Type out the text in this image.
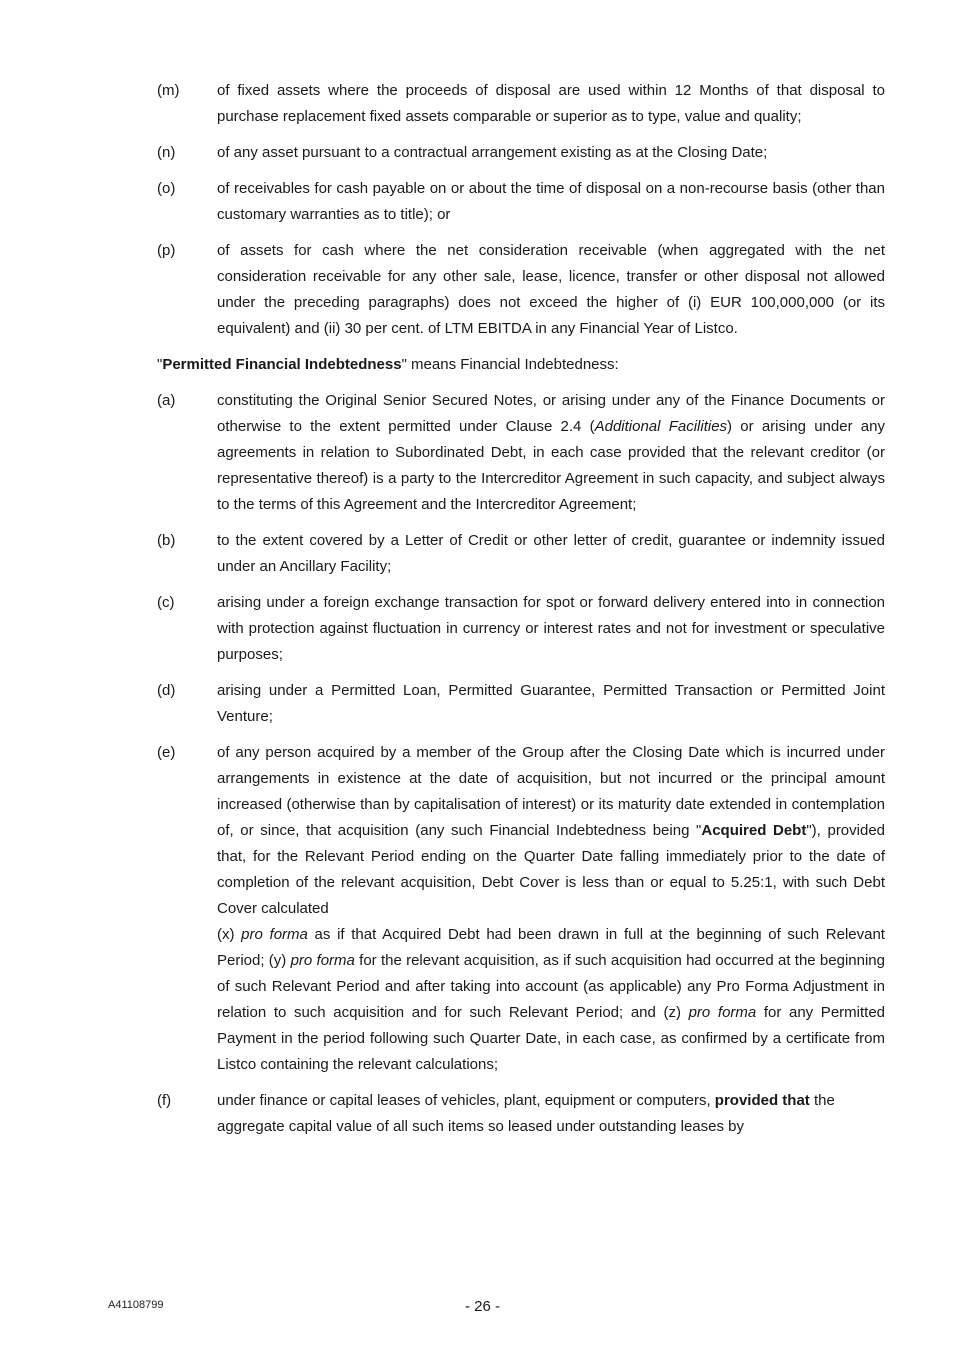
(m)	of fixed assets where the proceeds of disposal are used within 12 Months of that disposal to purchase replacement fixed assets comparable or superior as to type, value and quality;
(n)	of any asset pursuant to a contractual arrangement existing as at the Closing Date;
(o)	of receivables for cash payable on or about the time of disposal on a non-recourse basis (other than customary warranties as to title); or
(p)	of assets for cash where the net consideration receivable (when aggregated with the net consideration receivable for any other sale, lease, licence, transfer or other disposal not allowed under the preceding paragraphs) does not exceed the higher of (i) EUR 100,000,000 (or its equivalent) and (ii) 30 per cent. of LTM EBITDA in any Financial Year of Listco.
"Permitted Financial Indebtedness" means Financial Indebtedness:
(a)	constituting the Original Senior Secured Notes, or arising under any of the Finance Documents or otherwise to the extent permitted under Clause 2.4 (Additional Facilities) or arising under any agreements in relation to Subordinated Debt, in each case provided that the relevant creditor (or representative thereof) is a party to the Intercreditor Agreement in such capacity, and subject always to the terms of this Agreement and the Intercreditor Agreement;
(b)	to the extent covered by a Letter of Credit or other letter of credit, guarantee or indemnity issued under an Ancillary Facility;
(c)	arising under a foreign exchange transaction for spot or forward delivery entered into in connection with protection against fluctuation in currency or interest rates and not for investment or speculative purposes;
(d)	arising under a Permitted Loan, Permitted Guarantee, Permitted Transaction or Permitted Joint Venture;
(e)	of any person acquired by a member of the Group after the Closing Date which is incurred under arrangements in existence at the date of acquisition, but not incurred or the principal amount increased (otherwise than by capitalisation of interest) or its maturity date extended in contemplation of, or since, that acquisition (any such Financial Indebtedness being "Acquired Debt"), provided that, for the Relevant Period ending on the Quarter Date falling immediately prior to the date of completion of the relevant acquisition, Debt Cover is less than or equal to 5.25:1, with such Debt Cover calculated
(x) pro forma as if that Acquired Debt had been drawn in full at the beginning of such Relevant Period; (y) pro forma for the relevant acquisition, as if such acquisition had occurred at the beginning of such Relevant Period and after taking into account (as applicable) any Pro Forma Adjustment in relation to such acquisition and for such Relevant Period; and (z) pro forma for any Permitted Payment in the period following such Quarter Date, in each case, as confirmed by a certificate from Listco containing the relevant calculations;
(f)	under finance or capital leases of vehicles, plant, equipment or computers, provided that the aggregate capital value of all such items so leased under outstanding leases by
A41108799	- 26 -
